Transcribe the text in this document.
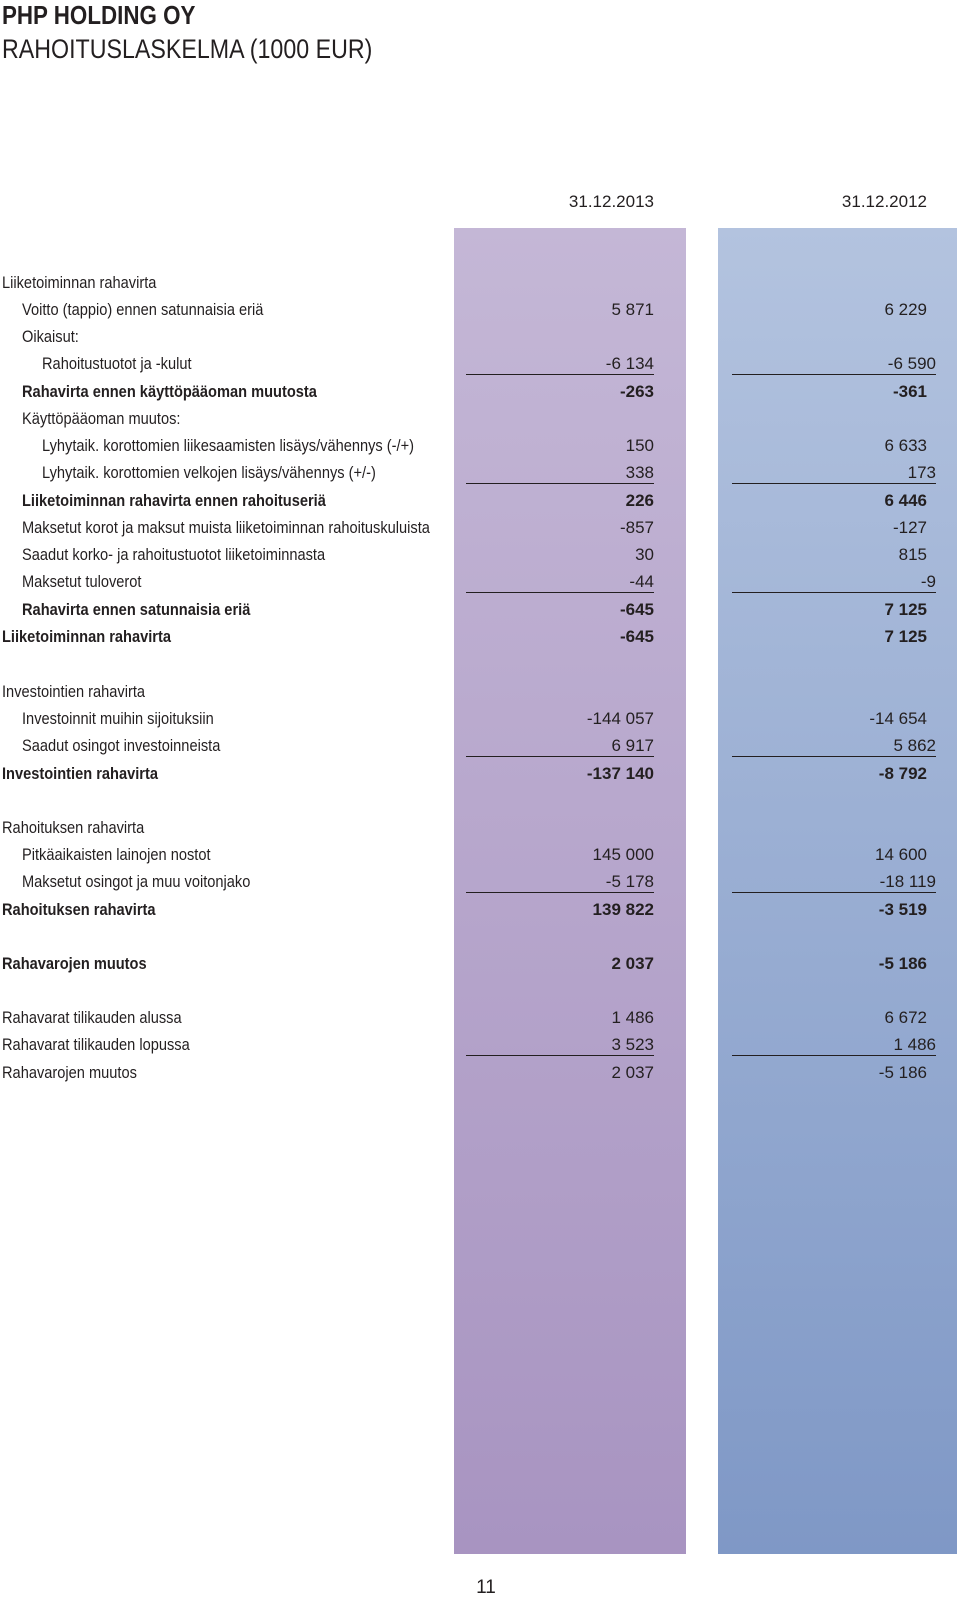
PHP HOLDING OY
RAHOITUSLASKELMA (1000 EUR)
31.12.2013	31.12.2012
Liiketoiminnan rahavirta
Voitto (tappio) ennen satunnaisia eriä	5 871	6 229
Oikaisut:
Rahoitustuotot ja -kulut	-6 134	-6 590
Rahavirta ennen käyttöpääoman muutosta	-263	-361
Käyttöpääoman muutos:
Lyhytaik. korottomien liikesaamisten lisäys/vähennys (-/+)	150	6 633
Lyhytaik. korottomien velkojen lisäys/vähennys (+/-)	338	173
Liiketoiminnan rahavirta ennen rahoituseriä	226	6 446
Maksetut korot ja maksut muista liiketoiminnan rahoituskuluista	-857	-127
Saadut korko- ja rahoitustuotot liiketoiminnasta	30	815
Maksetut tuloverot	-44	-9
Rahavirta ennen satunnaisia eriä	-645	7 125
Liiketoiminnan rahavirta	-645	7 125
Investointien rahavirta
Investoinnit muihin sijoituksiin	-144 057	-14 654
Saadut osingot investoinneista	6 917	5 862
Investointien rahavirta	-137 140	-8 792
Rahoituksen rahavirta
Pitkäaikaisten lainojen nostot	145 000	14 600
Maksetut osingot ja muu voitonjako	-5 178	-18 119
Rahoituksen rahavirta	139 822	-3 519
Rahavarojen muutos	2 037	-5 186
Rahavarat tilikauden alussa	1 486	6 672
Rahavarat tilikauden lopussa	3 523	1 486
Rahavarojen muutos	2 037	-5 186
11
